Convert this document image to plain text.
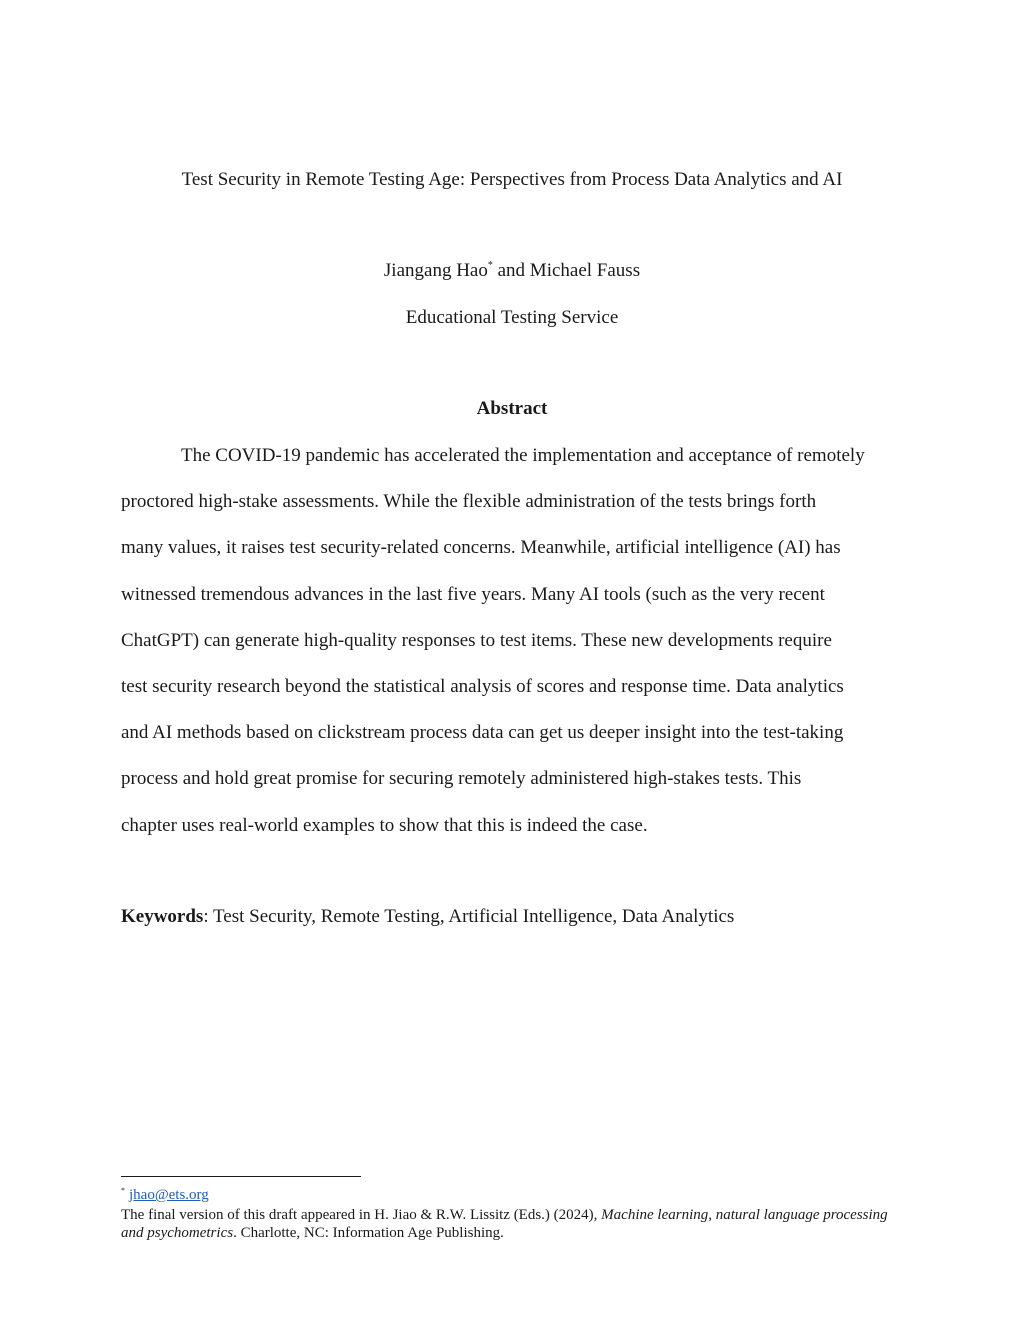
Test Security in Remote Testing Age: Perspectives from Process Data Analytics and AI
Jiangang Hao* and Michael Fauss
Educational Testing Service
Abstract
The COVID-19 pandemic has accelerated the implementation and acceptance of remotely
proctored high-stake assessments. While the flexible administration of the tests brings forth
many values, it raises test security-related concerns. Meanwhile, artificial intelligence (AI) has
witnessed tremendous advances in the last five years. Many AI tools (such as the very recent
ChatGPT) can generate high-quality responses to test items. These new developments require
test security research beyond the statistical analysis of scores and response time. Data analytics
and AI methods based on clickstream process data can get us deeper insight into the test-taking
process and hold great promise for securing remotely administered high-stakes tests. This
chapter uses real-world examples to show that this is indeed the case.
Keywords: Test Security, Remote Testing, Artificial Intelligence, Data Analytics
* jhao@ets.org
The final version of this draft appeared in H. Jiao & R.W. Lissitz (Eds.) (2024), Machine learning, natural language processing
and psychometrics. Charlotte, NC: Information Age Publishing.
